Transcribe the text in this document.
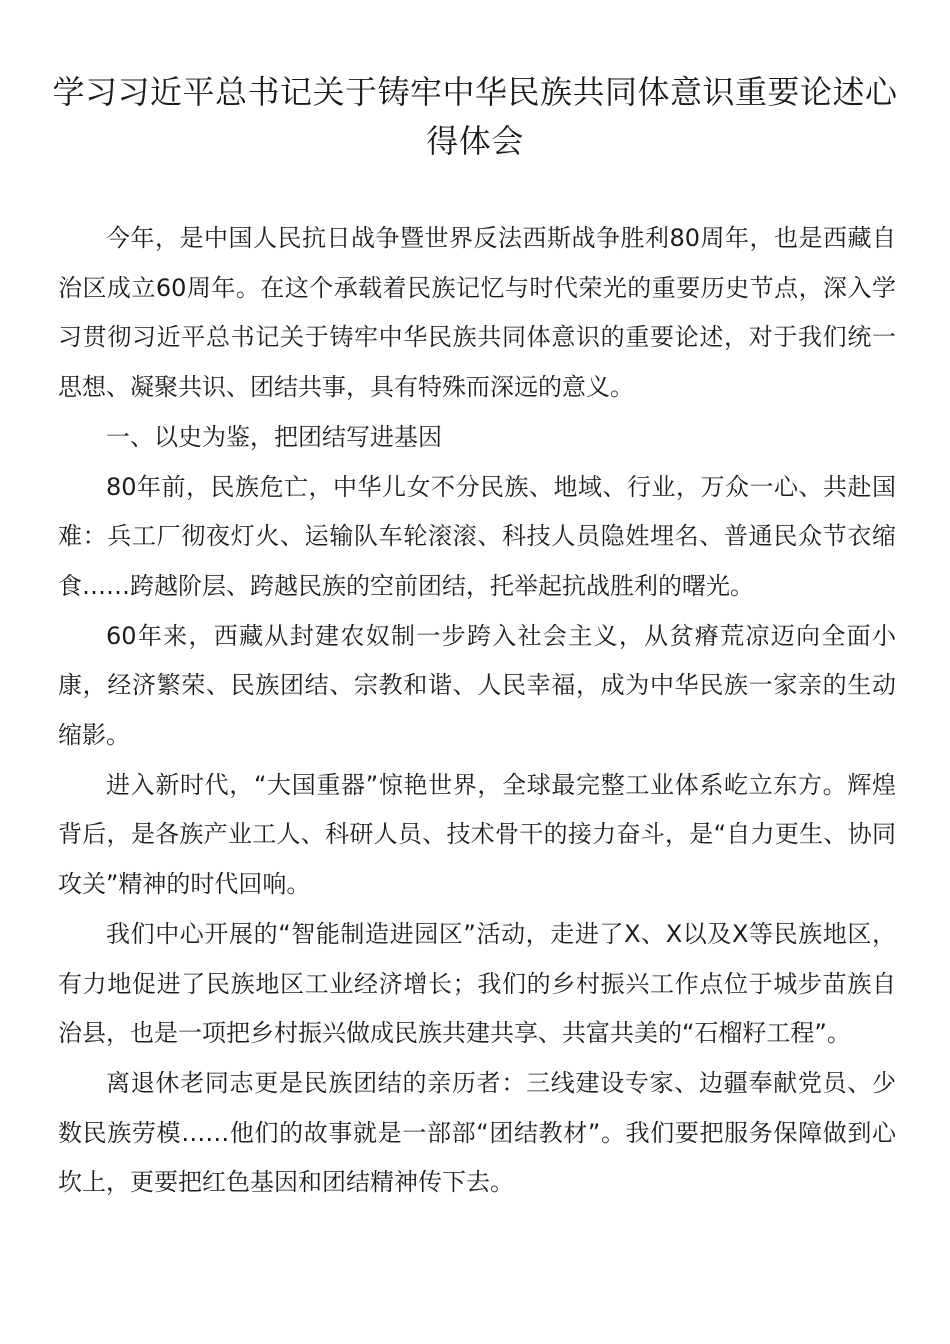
学习习近平总书记关于铸牢中华民族共同体意识重要论述心得体会

今年，是中国人民抗日战争暨世界反法西斯战争胜利80周年，也是西藏自治区成立60周年。在这个承载着民族记忆与时代荣光的重要历史节点，深入学习贯彻习近平总书记关于铸牢中华民族共同体意识的重要论述，对于我们统一思想、凝聚共识、团结共事，具有特殊而深远的意义。

一、以史为鉴，把团结写进基因

80年前，民族危亡，中华儿女不分民族、地域、行业，万众一心、共赴国难：兵工厂彻夜灯火、运输队车轮滚滚、科技人员隐姓埋名、普通民众节衣缩食……跨越阶层、跨越民族的空前团结，托举起抗战胜利的曙光。

60年来，西藏从封建农奴制一步跨入社会主义，从贫瘠荒凉迈向全面小康，经济繁荣、民族团结、宗教和谐、人民幸福，成为中华民族一家亲的生动缩影。

进入新时代，“大国重器”惊艳世界，全球最完整工业体系屹立东方。辉煌背后，是各族产业工人、科研人员、技术骨干的接力奋斗，是“自力更生、协同攻关”精神的时代回响。

我们中心开展的“智能制造进园区”活动，走进了X、X以及X等民族地区，有力地促进了民族地区工业经济增长；我们的乡村振兴工作点位于城步苗族自治县，也是一项把乡村振兴做成民族共建共享、共富共美的“石榴籽工程”。

离退休老同志更是民族团结的亲历者：三线建设专家、边疆奉献党员、少数民族劳模……他们的故事就是一部部“团结教材”。我们要把服务保障做到心坎上，更要把红色基因和团结精神传下去。
